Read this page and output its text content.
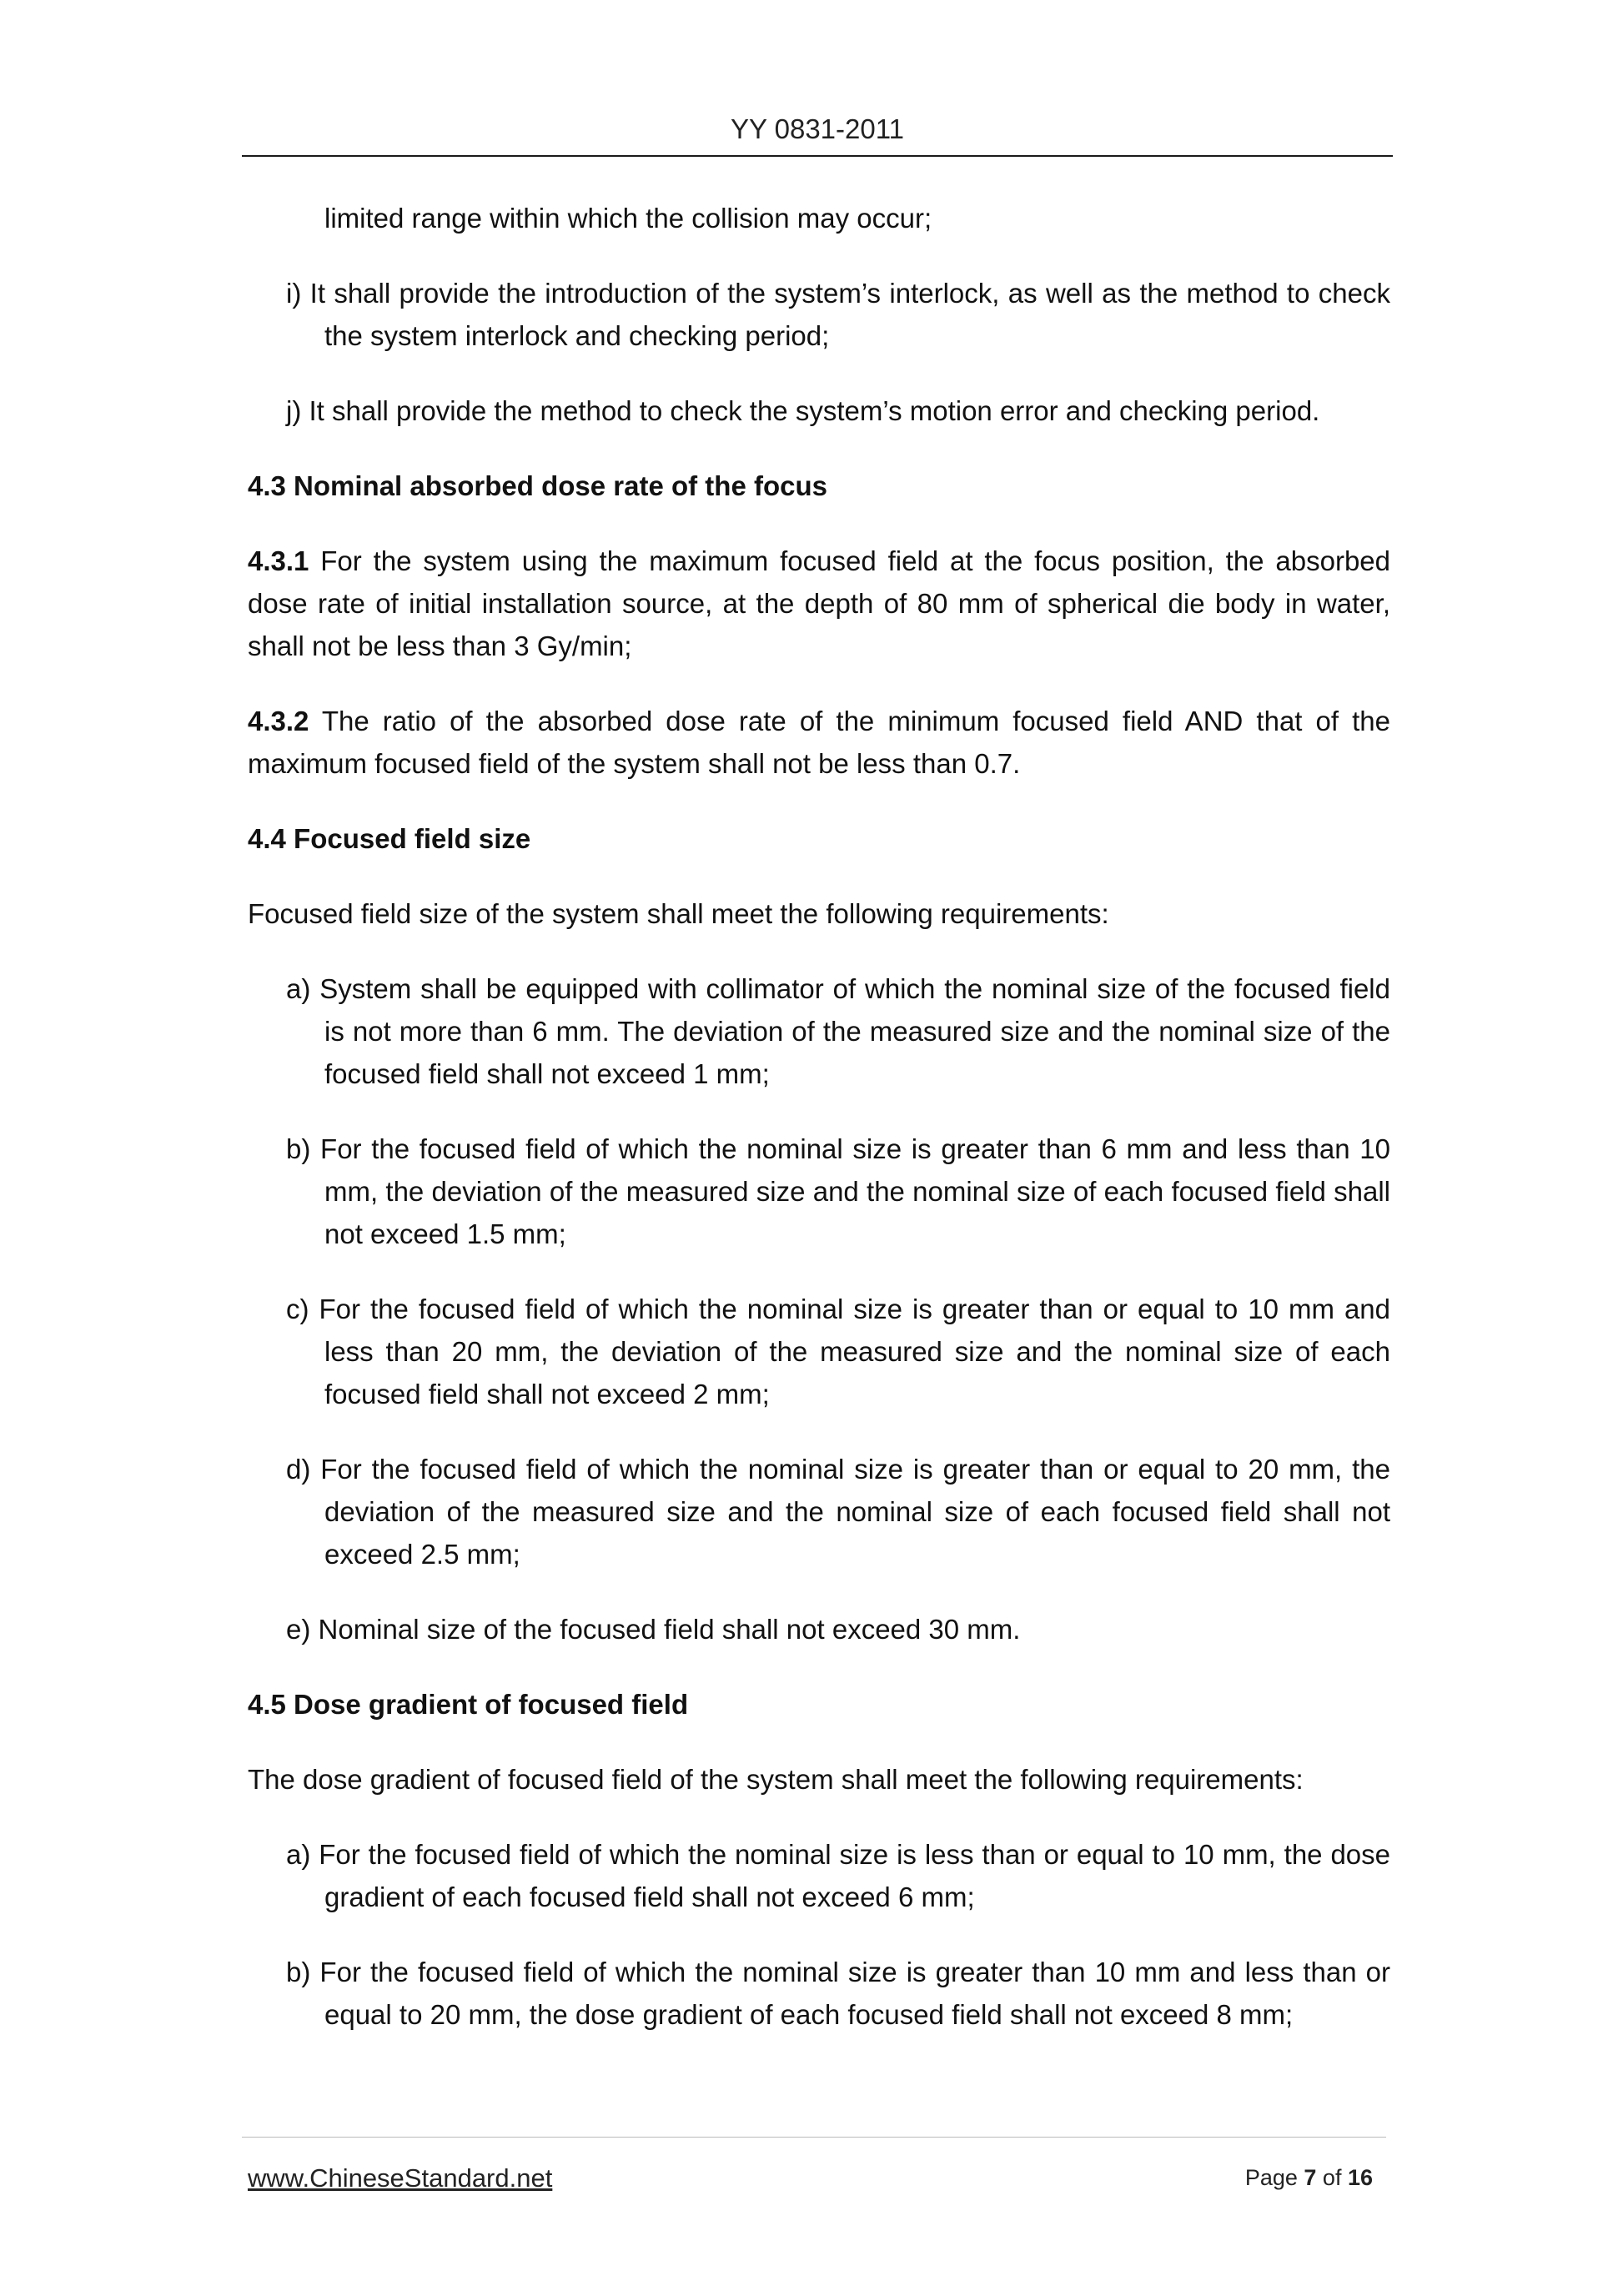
YY 0831-2011

limited range within which the collision may occur;

i) It shall provide the introduction of the system’s interlock, as well as the method to check the system interlock and checking period;

j) It shall provide the method to check the system’s motion error and checking period.

4.3 Nominal absorbed dose rate of the focus

4.3.1 For the system using the maximum focused field at the focus position, the absorbed dose rate of initial installation source, at the depth of 80 mm of spherical die body in water, shall not be less than 3 Gy/min;

4.3.2 The ratio of the absorbed dose rate of the minimum focused field AND that of the maximum focused field of the system shall not be less than 0.7.

4.4 Focused field size

Focused field size of the system shall meet the following requirements:

a) System shall be equipped with collimator of which the nominal size of the focused field is not more than 6 mm. The deviation of the measured size and the nominal size of the focused field shall not exceed 1 mm;

b) For the focused field of which the nominal size is greater than 6 mm and less than 10 mm, the deviation of the measured size and the nominal size of each focused field shall not exceed 1.5 mm;

c) For the focused field of which the nominal size is greater than or equal to 10 mm and less than 20 mm, the deviation of the measured size and the nominal size of each focused field shall not exceed 2 mm;

d) For the focused field of which the nominal size is greater than or equal to 20 mm, the deviation of the measured size and the nominal size of each focused field shall not exceed 2.5 mm;

e) Nominal size of the focused field shall not exceed 30 mm.

4.5 Dose gradient of focused field

The dose gradient of focused field of the system shall meet the following requirements:

a) For the focused field of which the nominal size is less than or equal to 10 mm, the dose gradient of each focused field shall not exceed 6 mm;

b) For the focused field of which the nominal size is greater than 10 mm and less than or equal to 20 mm, the dose gradient of each focused field shall not exceed 8 mm;

www.ChineseStandard.net	Page 7 of 16
